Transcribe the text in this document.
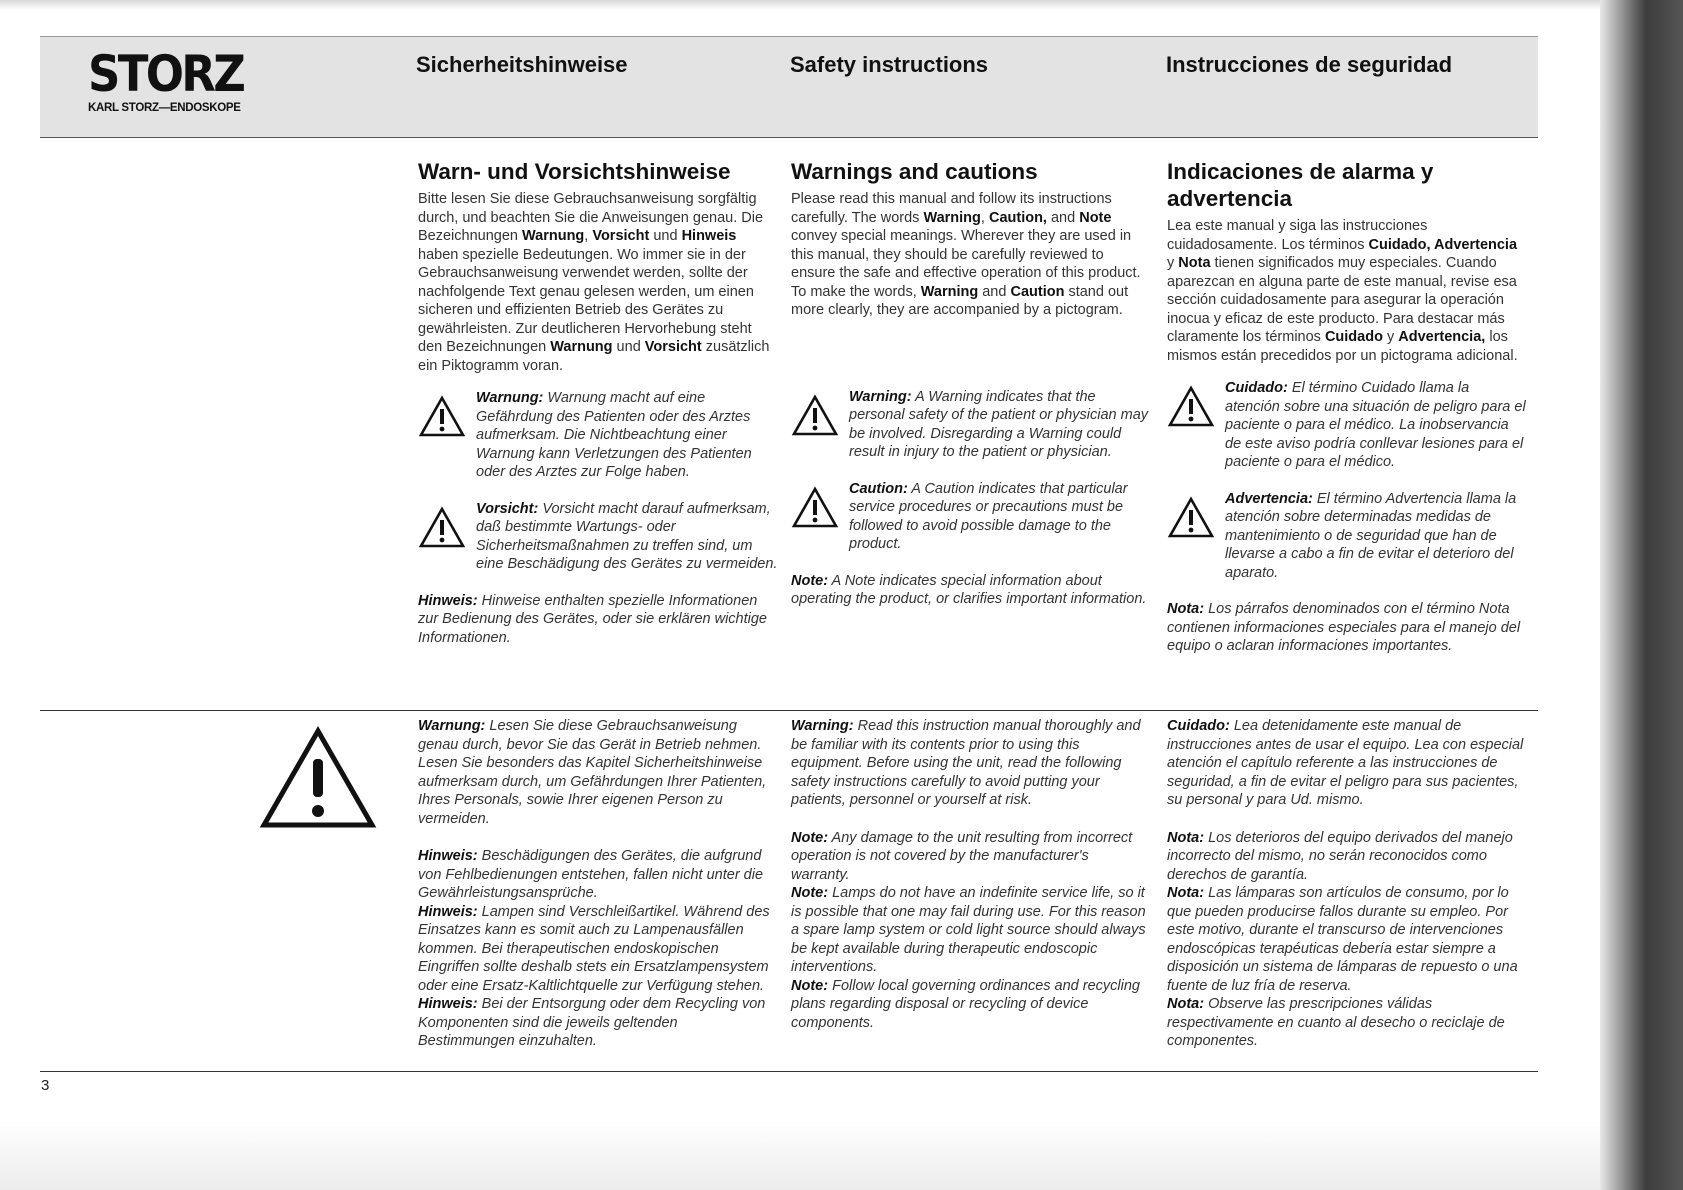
STORZ
KARL STORZ—ENDOSKOPE
Sicherheitshinweise	Safety instructions	Instrucciones de seguridad
Warn- und Vorsichtshinweise

Bitte lesen Sie diese Gebrauchsanweisung sorgfältig durch, und beachten Sie die Anweisungen genau. Die Bezeichnungen Warnung, Vorsicht und Hinweis haben spezielle Bedeutungen. Wo immer sie in der Gebrauchsanweisung verwendet werden, sollte der nachfolgende Text genau gelesen werden, um einen sicheren und effizienten Betrieb des Gerätes zu gewährleisten. Zur deutlicheren Hervorhebung steht den Bezeichnungen Warnung und Vorsicht zusätzlich ein Piktogramm voran.

Warnung: Warnung macht auf eine Gefährdung des Patienten oder des Arztes aufmerksam. Die Nichtbeachtung einer Warnung kann Verletzungen des Patienten oder des Arztes zur Folge haben.

Vorsicht: Vorsicht macht darauf aufmerksam, daß bestimmte Wartungs- oder Sicherheitsmaßnahmen zu treffen sind, um eine Beschädigung des Gerätes zu vermeiden.

Hinweis: Hinweise enthalten spezielle Informationen zur Bedienung des Gerätes, oder sie erklären wichtige Informationen.

Warnings and cautions

Please read this manual and follow its instructions carefully. The words Warning, Caution, and Note convey special meanings. Wherever they are used in this manual, they should be carefully reviewed to ensure the safe and effective operation of this product. To make the words, Warning and Caution stand out more clearly, they are accompanied by a pictogram.

Warning: A Warning indicates that the personal safety of the patient or physician may be involved. Disregarding a Warning could result in injury to the patient or physician.

Caution: A Caution indicates that particular service procedures or precautions must be followed to avoid possible damage to the product.

Note: A Note indicates special information about operating the product, or clarifies important information.

Indicaciones de alarma y advertencia

Lea este manual y siga las instrucciones cuidadosamente. Los términos Cuidado, Advertencia y Nota tienen significados muy especiales. Cuando aparezcan en alguna parte de este manual, revise esa sección cuidadosamente para asegurar la operación inocua y eficaz de este producto. Para destacar más claramente los términos Cuidado y Advertencia, los mismos están precedidos por un pictograma adicional.

Cuidado: El término Cuidado llama la atención sobre una situación de peligro para el paciente o para el médico. La inobservancia de este aviso podría conllevar lesiones para el paciente o para el médico.

Advertencia: El término Advertencia llama la atención sobre determinadas medidas de mantenimiento o de seguridad que han de llevarse a cabo a fin de evitar el deterioro del aparato.

Nota: Los párrafos denominados con el término Nota contienen informaciones especiales para el manejo del equipo o aclaran informaciones importantes.

Warnung: Lesen Sie diese Gebrauchsanweisung genau durch, bevor Sie das Gerät in Betrieb nehmen. Lesen Sie besonders das Kapitel Sicherheitshinweise aufmerksam durch, um Gefährdungen Ihrer Patienten, Ihres Personals, sowie Ihrer eigenen Person zu vermeiden.

Hinweis: Beschädigungen des Gerätes, die aufgrund von Fehlbedienungen entstehen, fallen nicht unter die Gewährleistungsansprüche.

Hinweis: Lampen sind Verschleißartikel. Während des Einsatzes kann es somit auch zu Lampenausfällen kommen. Bei therapeutischen endoskopischen Eingriffen sollte deshalb stets ein Ersatzlampensystem oder eine Ersatz-Kaltlichtquelle zur Verfügung stehen.

Hinweis: Bei der Entsorgung oder dem Recycling von Komponenten sind die jeweils geltenden Bestimmungen einzuhalten.

Warning: Read this instruction manual thoroughly and be familiar with its contents prior to using this equipment. Before using the unit, read the following safety instructions carefully to avoid putting your patients, personnel or yourself at risk.

Note: Any damage to the unit resulting from incorrect operation is not covered by the manufacturer's warranty.

Note: Lamps do not have an indefinite service life, so it is possible that one may fail during use. For this reason a spare lamp system or cold light source should always be kept available during therapeutic endoscopic interventions.

Note: Follow local governing ordinances and recycling plans regarding disposal or recycling of device components.

Cuidado: Lea detenidamente este manual de instrucciones antes de usar el equipo. Lea con especial atención el capítulo referente a las instrucciones de seguridad, a fin de evitar el peligro para sus pacientes, su personal y para Ud. mismo.

Nota: Los deterioros del equipo derivados del manejo incorrecto del mismo, no serán reconocidos como derechos de garantía.

Nota: Las lámparas son artículos de consumo, por lo que pueden producirse fallos durante su empleo. Por este motivo, durante el transcurso de intervenciones endoscópicas terapéuticas debería estar siempre a disposición un sistema de lámparas de repuesto o una fuente de luz fría de reserva.

Nota: Observe las prescripciones válidas respectivamente en cuanto al desecho o reciclaje de componentes.

3
